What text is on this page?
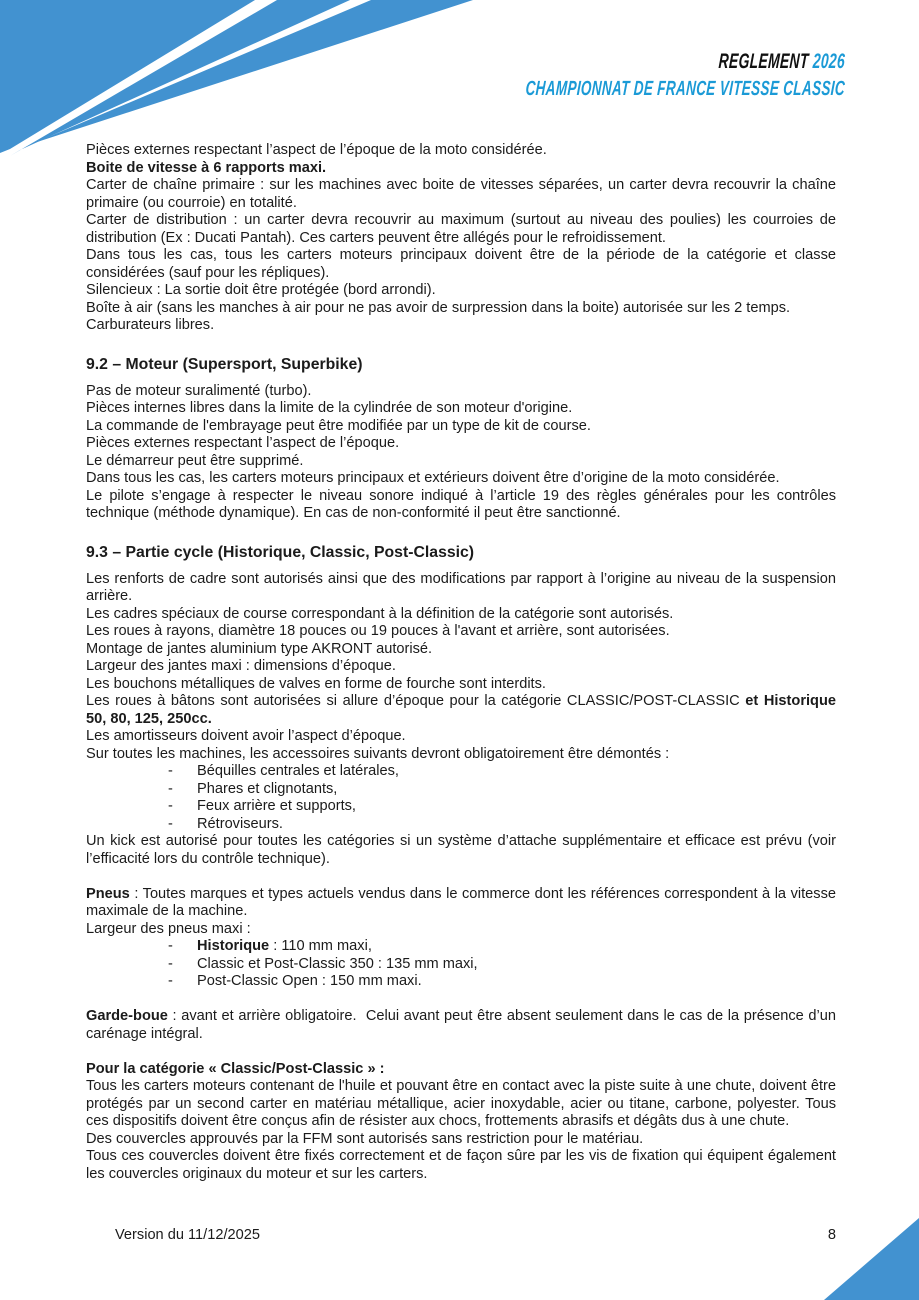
REGLEMENT 2026
CHAMPIONNAT DE FRANCE VITESSE CLASSIC

Pièces externes respectant l’aspect de l’époque de la moto considérée.

Boite de vitesse à 6 rapports maxi.

Carter de chaîne primaire : sur les machines avec boite de vitesses séparées, un carter devra recouvrir la chaîne primaire (ou courroie) en totalité.

Carter de distribution : un carter devra recouvrir au maximum (surtout au niveau des poulies) les courroies de distribution (Ex : Ducati Pantah). Ces carters peuvent être allégés pour le refroidissement.

Dans tous les cas, tous les carters moteurs principaux doivent être de la période de la catégorie et classe considérées (sauf pour les répliques).

Silencieux : La sortie doit être protégée (bord arrondi).

Boîte à air (sans les manches à air pour ne pas avoir de surpression dans la boite) autorisée sur les 2 temps.

Carburateurs libres.

9.2 – Moteur (Supersport, Superbike)

Pas de moteur suralimenté (turbo).

Pièces internes libres dans la limite de la cylindrée de son moteur d'origine.

La commande de l'embrayage peut être modifiée par un type de kit de course.

Pièces externes respectant l’aspect de l’époque.

Le démarreur peut être supprimé.

Dans tous les cas, les carters moteurs principaux et extérieurs doivent être d’origine de la moto considérée.

Le pilote s’engage à respecter le niveau sonore indiqué à l’article 19 des règles générales pour les contrôles technique (méthode dynamique). En cas de non-conformité il peut être sanctionné.

9.3 – Partie cycle (Historique, Classic, Post-Classic)

Les renforts de cadre sont autorisés ainsi que des modifications par rapport à l’origine au niveau de la suspension arrière.

Les cadres spéciaux de course correspondant à la définition de la catégorie sont autorisés.

Les roues à rayons, diamètre 18 pouces ou 19 pouces à l'avant et arrière, sont autorisées.

Montage de jantes aluminium type AKRONT autorisé.

Largeur des jantes maxi : dimensions d’époque.

Les bouchons métalliques de valves en forme de fourche sont interdits.

Les roues à bâtons sont autorisées si allure d’époque pour la catégorie CLASSIC/POST-CLASSIC et Historique 50, 80, 125, 250cc.

Les amortisseurs doivent avoir l’aspect d’époque.

Sur toutes les machines, les accessoires suivants devront obligatoirement être démontés :

-	Béquilles centrales et latérales,
-	Phares et clignotants,
-	Feux arrière et supports,
-	Rétroviseurs.

Un kick est autorisé pour toutes les catégories si un système d’attache supplémentaire et efficace est prévu (voir l’efficacité lors du contrôle technique).

Pneus : Toutes marques et types actuels vendus dans le commerce dont les références correspondent à la vitesse maximale de la machine.

Largeur des pneus maxi :

-	Historique : 110 mm maxi,
-	Classic et Post-Classic 350 : 135 mm maxi,
-	Post-Classic Open : 150 mm maxi.

Garde-boue : avant et arrière obligatoire.  Celui avant peut être absent seulement dans le cas de la présence d’un carénage intégral.

Pour la catégorie « Classic/Post-Classic » :

Tous les carters moteurs contenant de l'huile et pouvant être en contact avec la piste suite à une chute, doivent être protégés par un second carter en matériau métallique, acier inoxydable, acier ou titane, carbone, polyester. Tous ces dispositifs doivent être conçus afin de résister aux chocs, frottements abrasifs et dégâts dus à une chute.

Des couvercles approuvés par la FFM sont autorisés sans restriction pour le matériau.

Tous ces couvercles doivent être fixés correctement et de façon sûre par les vis de fixation qui équipent également les couvercles originaux du moteur et sur les carters.

Version du 11/12/2025	8
